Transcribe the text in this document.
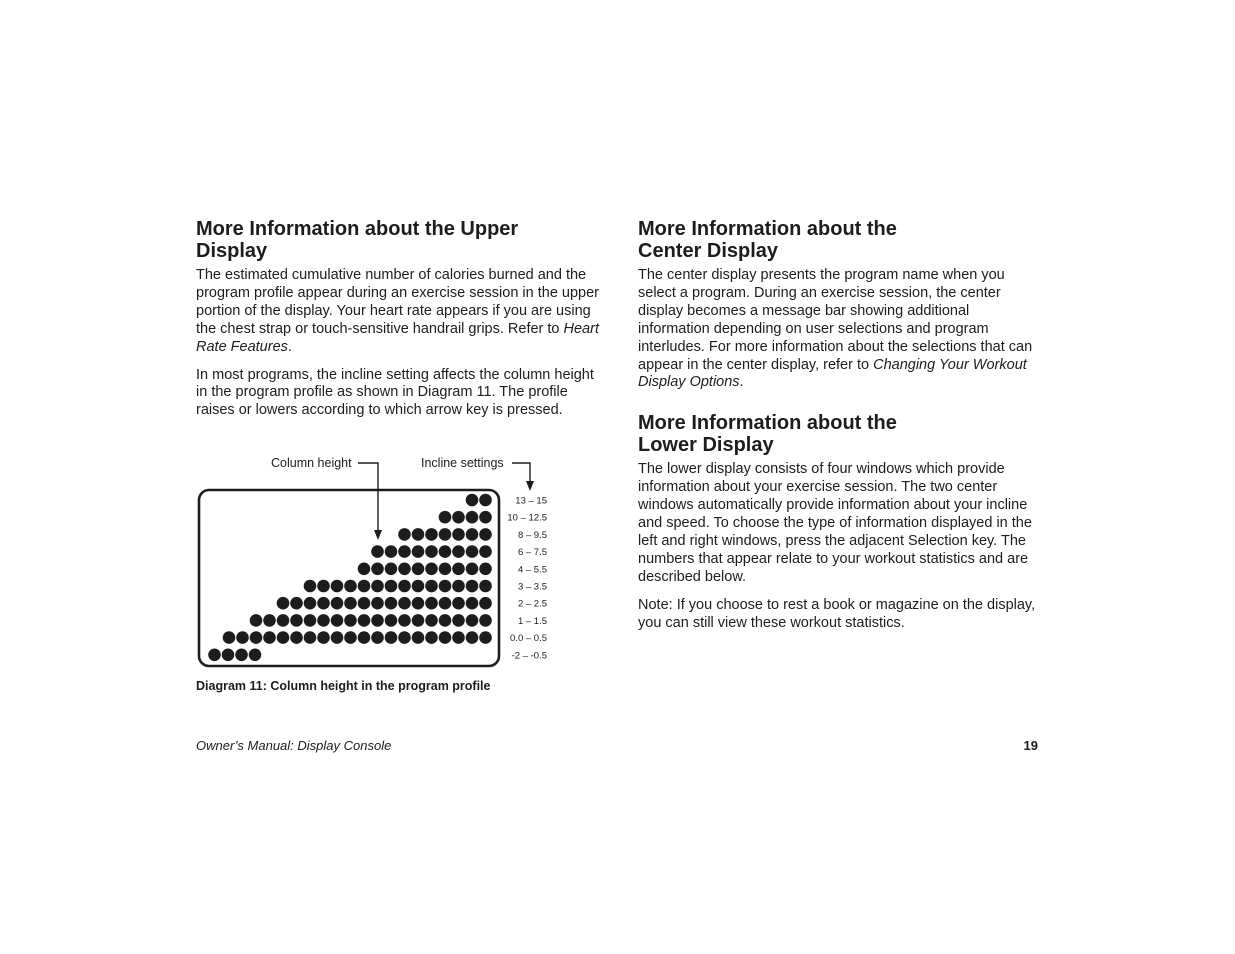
More Information about the Upper
Display

The estimated cumulative number of calories burned and the program profile appear during an exercise session in the upper portion of the display. Your heart rate appears if you are using the chest strap or touch-sensitive handrail grips. Refer to Heart Rate Features.

In most programs, the incline setting affects the column height in the program profile as shown in Diagram 11. The profile raises or lowers according to which arrow key is pressed.

Column height	Incline settings
13 – 15
10 – 12.5
8 – 9.5
6 – 7.5
4 – 5.5
3 – 3.5
2 – 2.5
1 – 1.5
0.0 – 0.5
-2 – -0.5
Diagram 11: Column height in the program profile
More Information about the
Center Display

The center display presents the program name when you select a program. During an exercise session, the center display becomes a message bar showing additional information depending on user selections and program interludes. For more information about the selections that can appear in the center display, refer to Changing Your Workout Display Options.

More Information about the
Lower Display

The lower display consists of four windows which provide information about your exercise session. The two center windows automatically provide information about your incline and speed. To choose the type of information displayed in the left and right windows, press the adjacent Selection key. The numbers that appear relate to your workout statistics and are described below.

Note: If you choose to rest a book or magazine on the display, you can still view these workout statistics.

Owner’s Manual: Display Console	19
